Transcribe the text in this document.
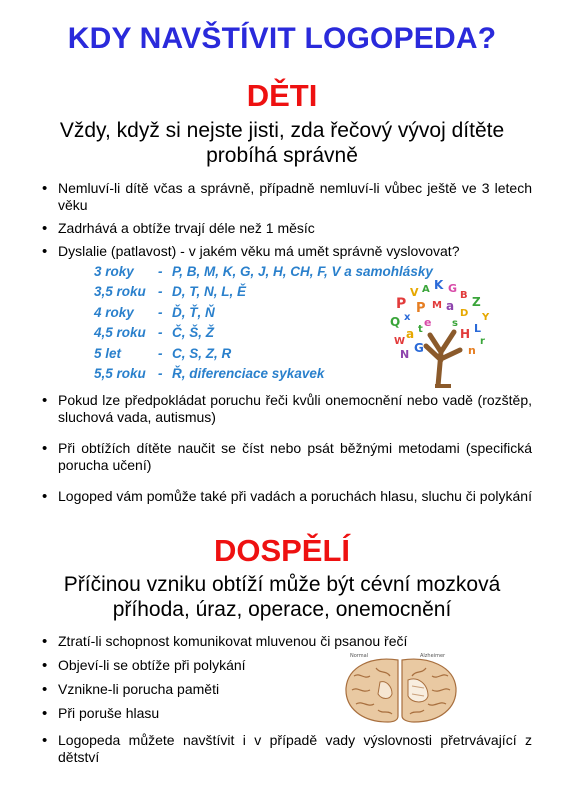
KDY NAVŠTÍVIT LOGOPEDA?
DĚTI
Vždy, když si nejste jisti, zda řečový vývoj dítěte probíhá správně
• Nemluví-li dítě včas a správně, případně nemluví-li vůbec ještě ve 3 letech věku
• Zadrhává a obtíže trvají déle než 1 měsíc
• Dyslalie (patlavost) - v jakém věku má umět správně vyslovovat?
3 roky - P, B, M, K, G, J, H, CH, F, V a samohlásky
3,5 roku - D, T, N, L, Ě
4 roky - Ď, Ť, Ň
4,5 roku - Č, Š, Ž
5 let	- C, S, Z, R
5,5 roku - Ř, diferenciace sykavek
• Pokud lze předpokládat poruchu řeči kvůli onemocnění nebo vadě (rozštěp, sluchová vada, autismus)
• Při obtížích dítěte naučit se číst nebo psát běžnými metodami (specifická porucha učení)
• Logoped vám pomůže také při vadách a poruchách hlasu, sluchu či polykání
P
V A K G
B Z
Y
Q x
P M a
D
L
W
a t	H
r
N G	n
e s
DOSPĚLÍ
Příčinou vzniku obtíží může být cévní mozková příhoda, úraz, operace, onemocnění
• Ztratí-li schopnost komunikovat mluvenou či psanou řečí
• Objeví-li se obtíže při polykání
• Vznikne-li porucha paměti
• Při poruše hlasu
• Logopeda můžete navštívit i v případě vady výslovnosti přetrvávající z dětství
Normal	Alzheimer
